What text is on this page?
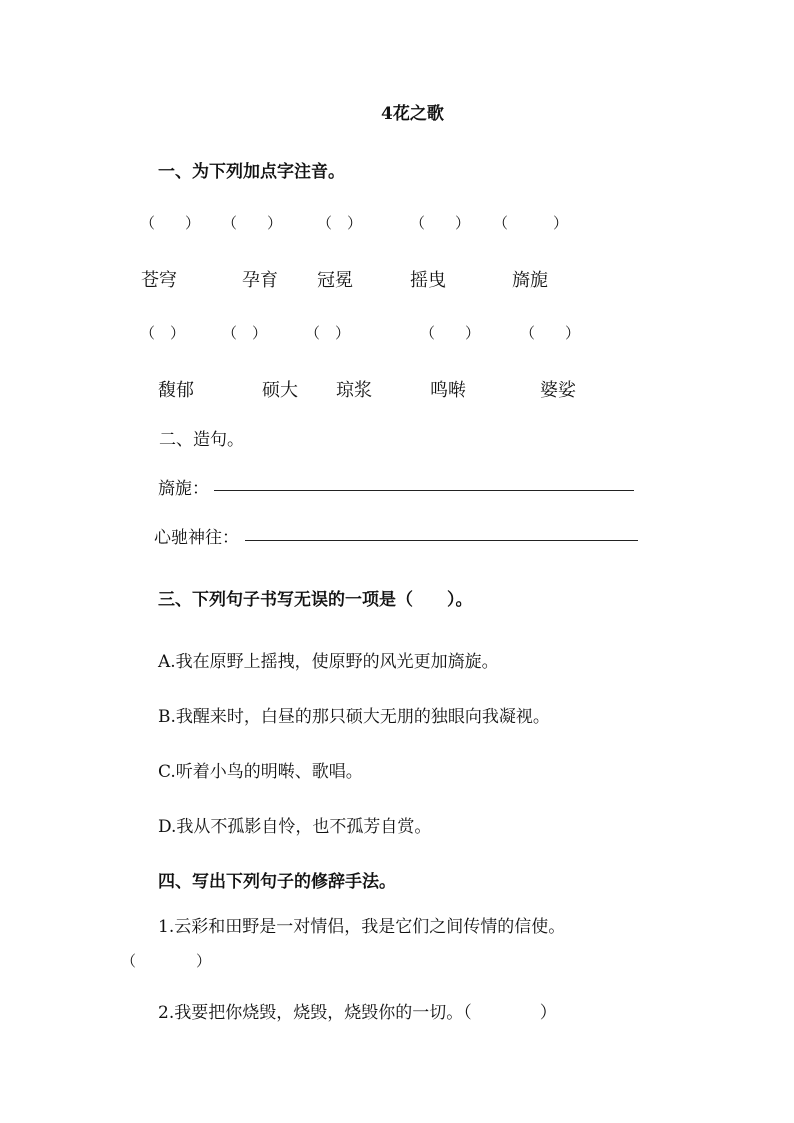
4花之歌
一、为下列加点字注音。
（　　） （　　） （　）	（　　） （　　　）
苍穹	孕育 冠冕	摇曳	旖旎
（　） （　）	（　）	（　　）	（　　）
馥郁	硕大 琼浆	鸣啭	婆娑
二、造句。
旖旎：
心驰神往：
三、下列句子书写无误的一项是（　　）。
A.我在原野上摇拽，使原野的风光更加旖旋。
B.我醒来时，白昼的那只硕大无朋的独眼向我凝视。
C.听着小鸟的明啭、歌唱。
D.我从不孤影自怜，也不孤芳自赏。
四、写出下列句子的修辞手法。
1.云彩和田野是一对情侣，我是它们之间传情的信使。
（　　　　）
2.我要把你烧毁，烧毁，烧毁你的一切。（　　　　）
